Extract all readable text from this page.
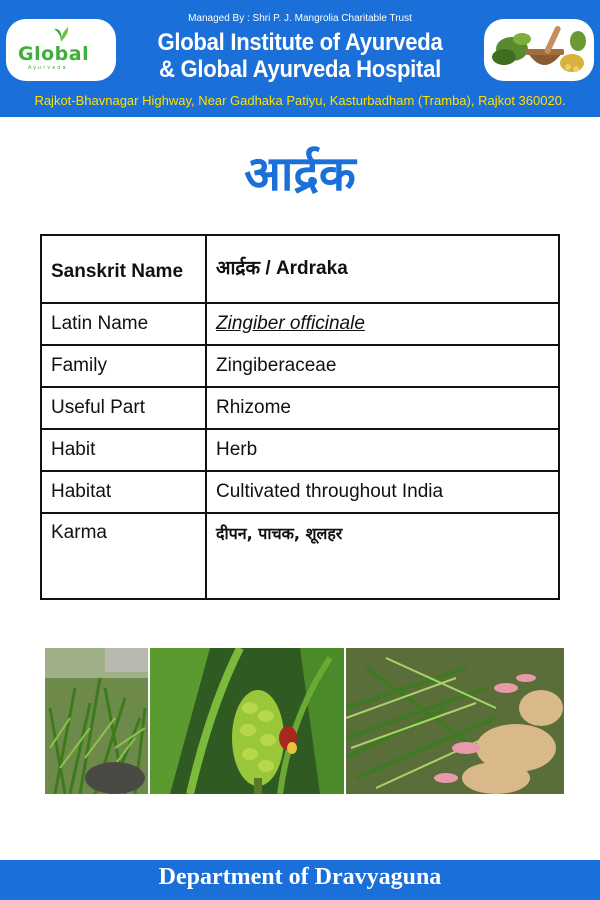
Global
Ayurveda
Managed By : Shri P. J. Mangrolia Charitable Trust
Global Institute of Ayurveda
& Global Ayurveda Hospital
Rajkot-Bhavnagar Highway, Near Gadhaka Patiyu, Kasturbadham (Tramba), Rajkot 360020.
आर्द्रक
Sanskrit Name	आर्द्रक / Ardraka
Latin Name	Zingiber officinale
Family	Zingiberaceae
Useful Part	Rhizome
Habit	Herb
Habitat	Cultivated throughout India
Karma	दीपन, पाचक, शूलहर
Department of Dravyaguna
